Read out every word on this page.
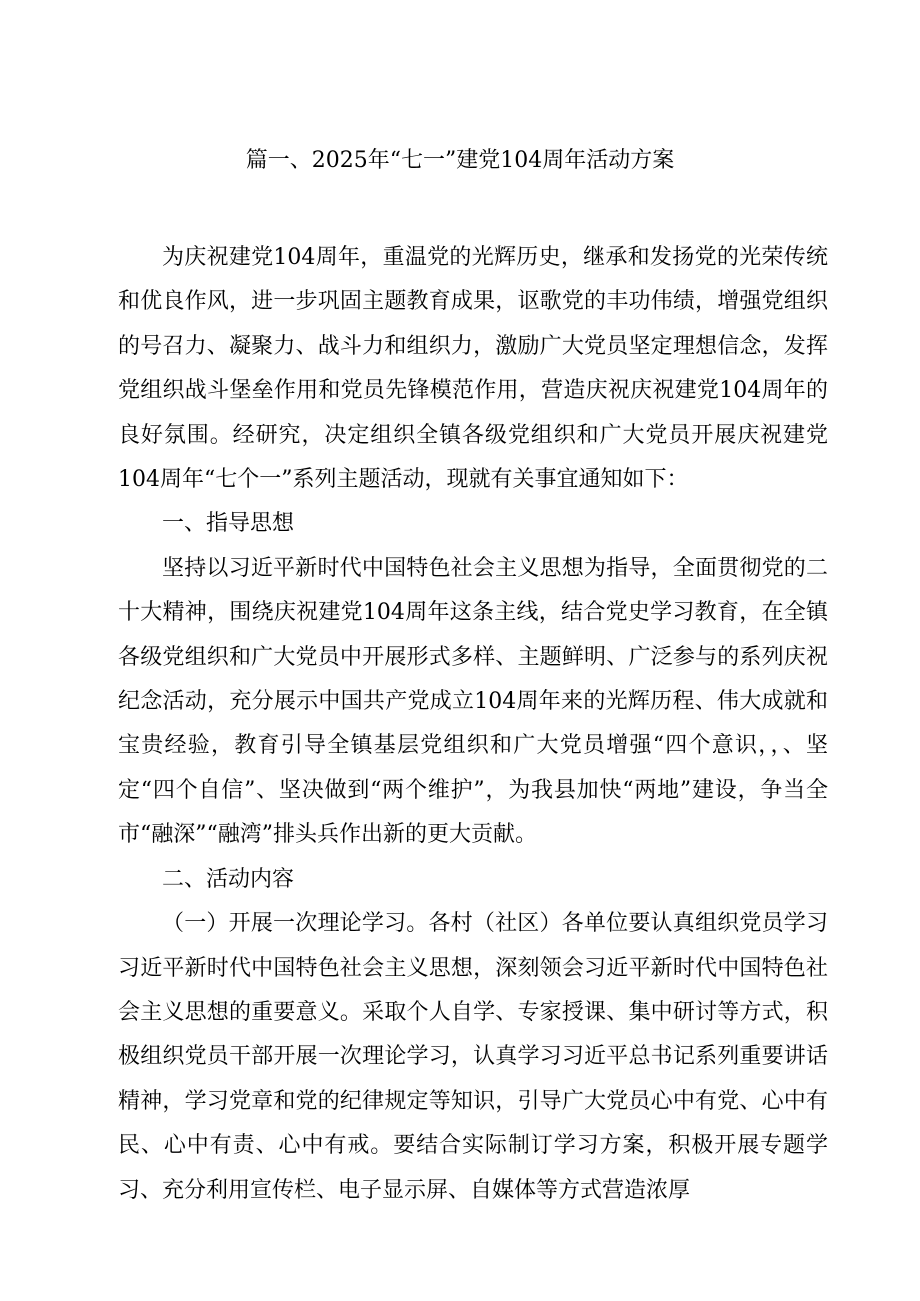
篇一、2025年“七一”建党104周年活动方案

为庆祝建党104周年，重温党的光辉历史，继承和发扬党的光荣传统和优良作风，进一步巩固主题教育成果，讴歌党的丰功伟绩，增强党组织的号召力、凝聚力、战斗力和组织力，激励广大党员坚定理想信念，发挥党组织战斗堡垒作用和党员先锋模范作用，营造庆祝庆祝建党104周年的良好氛围。经研究，决定组织全镇各级党组织和广大党员开展庆祝建党104周年“七个一”系列主题活动，现就有关事宜通知如下：

一、指导思想

坚持以习近平新时代中国特色社会主义思想为指导，全面贯彻党的二十大精神，围绕庆祝建党104周年这条主线，结合党史学习教育，在全镇各级党组织和广大党员中开展形式多样、主题鲜明、广泛参与的系列庆祝纪念活动，充分展示中国共产党成立104周年来的光辉历程、伟大成就和宝贵经验，教育引导全镇基层党组织和广大党员增强“四个意识，，、坚定“四个自信”、坚决做到“两个维护”，为我县加快“两地”建设，争当全市“融深”“融湾”排头兵作出新的更大贡献。

二、活动内容

（一）开展一次理论学习。各村（社区）各单位要认真组织党员学习习近平新时代中国特色社会主义思想，深刻领会习近平新时代中国特色社会主义思想的重要意义。采取个人自学、专家授课、集中研讨等方式，积极组织党员干部开展一次理论学习，认真学习习近平总书记系列重要讲话精神，学习党章和党的纪律规定等知识，引导广大党员心中有党、心中有民、心中有责、心中有戒。要结合实际制订学习方案，积极开展专题学习、充分利用宣传栏、电子显示屏、自媒体等方式营造浓厚
